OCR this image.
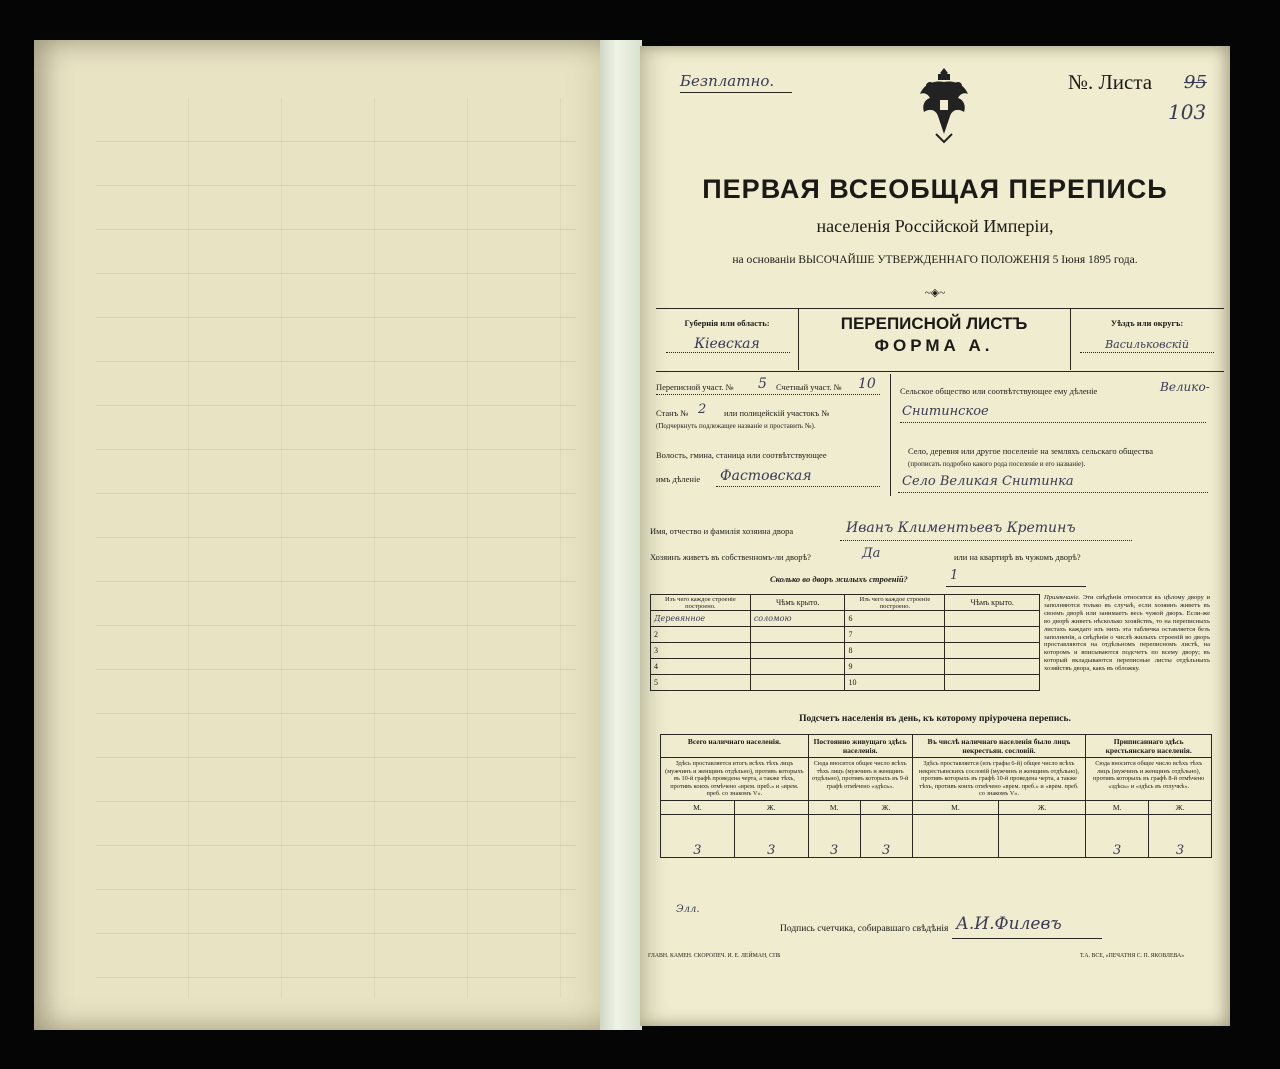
Безплатно.	№. Листа 95
103
ПЕРВАЯ ВСЕОБЩАЯ ПЕРЕПИСЬ
населенія Россійской Имперіи,
на основаніи ВЫСОЧАЙШЕ УТВЕРЖДЕННАГО ПОЛОЖЕНІЯ 5 Іюня 1895 года.
~◈~
Губернія или область:
Кіевская
ПЕРЕПИСНОЙ ЛИСТЪ
ФОРМА А.
Уѣздъ или округъ:
Васильковскій
Переписной участ. № 5 Счетный участ. № 10
Станъ № 2 или полицейскій участокъ №
(Подчеркнуть подлежащее названіе и проставить №).
Волость, гмина, станица или соотвѣтствующее
имъ дѣленіе Фастовская
Сельское общество или соотвѣтствующее ему дѣленіе	Велико-
Снитинское
Село, деревня или другое поселеніе на земляхъ сельскаго общества
(прописать подробно какого рода поселеніе и его названіе).
Село Великая Снитинка
Имя, отчество и фамилія хозяина двора	Иванъ Климентьевъ Кретинъ
Хозяинъ живетъ въ собственномъ-ли дворѣ?	Да	или на квартирѣ въ чужомъ дворѣ?
Сколько во дворъ жилыхъ строеній?	1
Изъ чего каждое строеніе построено.	Чѣмъ крыто.	Изъ чего каждое строеніе построено.	Чѣмъ крыто.
Деревянное	соломою	6	
2		7	
3		8	
4		9	
5		10	
Примѣчаніе. Эти свѣдѣнія относятся къ цѣлому двору и заполняются только въ случаѣ, если хозяинъ живетъ въ своемъ дворѣ или занимаетъ весь чужой дворъ. Если-же во дворѣ живетъ нѣсколько хозяйствъ, то на переписныхъ листахъ каждаго изъ нихъ эта табличка оставляется безъ заполненія, а свѣдѣнія о числѣ жилыхъ строеній во дворъ проставляются на отдѣльномъ переписномъ листѣ, на которомъ и вписываются подсчетъ по всему двору; въ который вкладываются переписные листы отдѣльныхъ хозяйствъ двора, какъ въ обложку.
Подсчетъ населенія въ день, къ которому пріурочена перепись.
Всего наличнаго населенія.		Постоянно живущаго здѣсь населенія.		Въ числѣ наличнаго населенія было лицъ некрестьян. сословій.		Приписаннаго здѣсь крестьянскаго населенія.	
Здѣсь проставляется итогъ всѣхъ тѣхъ лицъ (мужчинъ и женщинъ отдѣльно), противъ которыхъ въ 10-й графѣ проведена черта, а также тѣхъ, противъ коихъ отмѣчено «врем. преб.» и «врем. преб. со знакомъ V».		Сюда вносится общее число всѣхъ тѣхъ лицъ (мужчинъ и женщинъ отдѣльно), противъ которыхъ въ 9-й графѣ отмѣчено «здѣсь».		Здѣсь проставляется (изъ графы 6-й) общее число всѣхъ некрестьянскихъ сословій (мужчинъ и женщинъ отдѣльно), противъ которыхъ въ графѣ 10-й проведена черта, а также тѣхъ, противъ коихъ отмѣчено «врем. преб.» и «врем. преб. со знакомъ V».		Сюда вносится общее число всѣхъ тѣхъ лицъ (мужчинъ и женщинъ отдѣльно), противъ которыхъ въ графѣ 8-й отмѣчено «здѣсь» и «здѣсь въ отлучкѣ».	
М.	Ж.	М.	Ж.	М.	Ж.	М.	Ж.
3	3	3	3			3	3
Элл.
Подпись счетчика, собиравшаго свѣдѣнія А.И.Филевъ
ГЛАВН. КАМЕН. СКОРОПЕЧ. И. Е. ЛЕЙМАН, СПБ	Т.А. ВСЕ, «ПЕЧАТНЯ С. П. ЯКОВЛЕВА»
